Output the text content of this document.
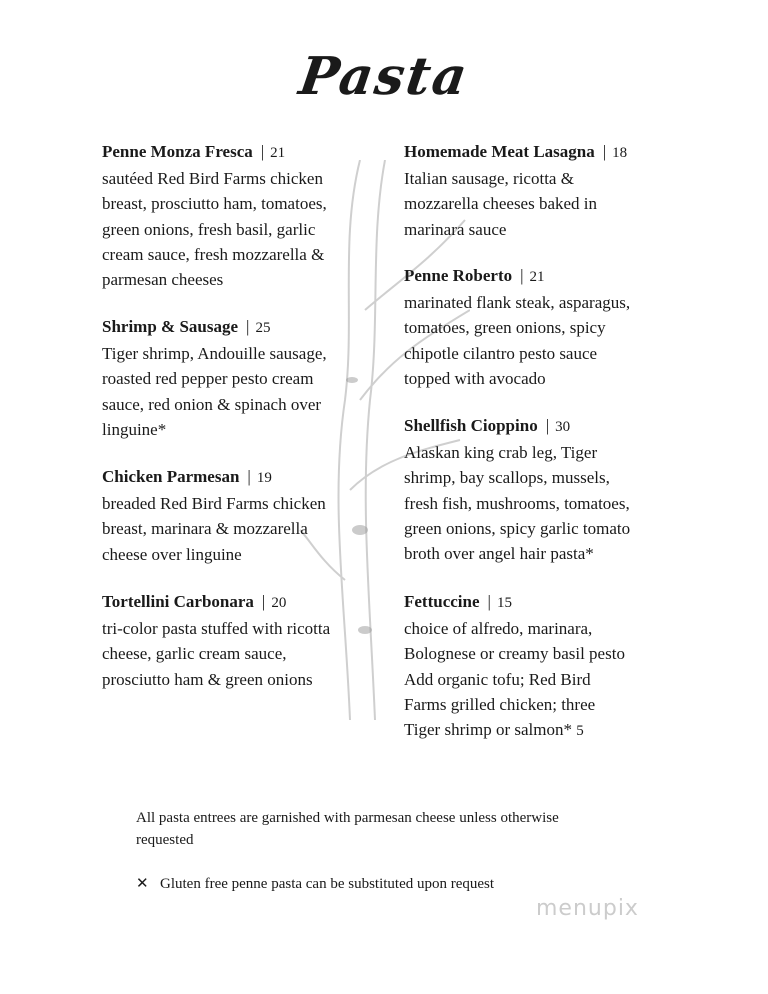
Pasta
Penne Monza Fresca | 21
sautéed Red Bird Farms chicken
breast, prosciutto ham, tomatoes,
green onions, fresh basil, garlic
cream sauce, fresh mozzarella &
parmesan cheeses
Shrimp & Sausage | 25
Tiger shrimp, Andouille sausage,
roasted red pepper pesto cream
sauce, red onion & spinach over
linguine*
Chicken Parmesan | 19
breaded Red Bird Farms chicken
breast, marinara & mozzarella
cheese over linguine
Tortellini Carbonara | 20
tri-color pasta stuffed with ricotta
cheese, garlic cream sauce,
prosciutto ham & green onions
Homemade Meat Lasagna | 18
Italian sausage, ricotta &
mozzarella cheeses baked in
marinara sauce
Penne Roberto | 21
marinated flank steak, asparagus,
tomatoes, green onions, spicy
chipotle cilantro pesto sauce
topped with avocado
Shellfish Cioppino | 30
Alaskan king crab leg, Tiger
shrimp, bay scallops, mussels,
fresh fish, mushrooms, tomatoes,
green onions, spicy garlic tomato
broth over angel hair pasta*
Fettuccine | 15
choice of alfredo, marinara,
Bolognese or creamy basil pesto
Add organic tofu; Red Bird
Farms grilled chicken; three
Tiger shrimp or salmon* 5
All pasta entrees are garnished with parmesan cheese unless otherwise requested
✕ Gluten free penne pasta can be substituted upon request
menupix
